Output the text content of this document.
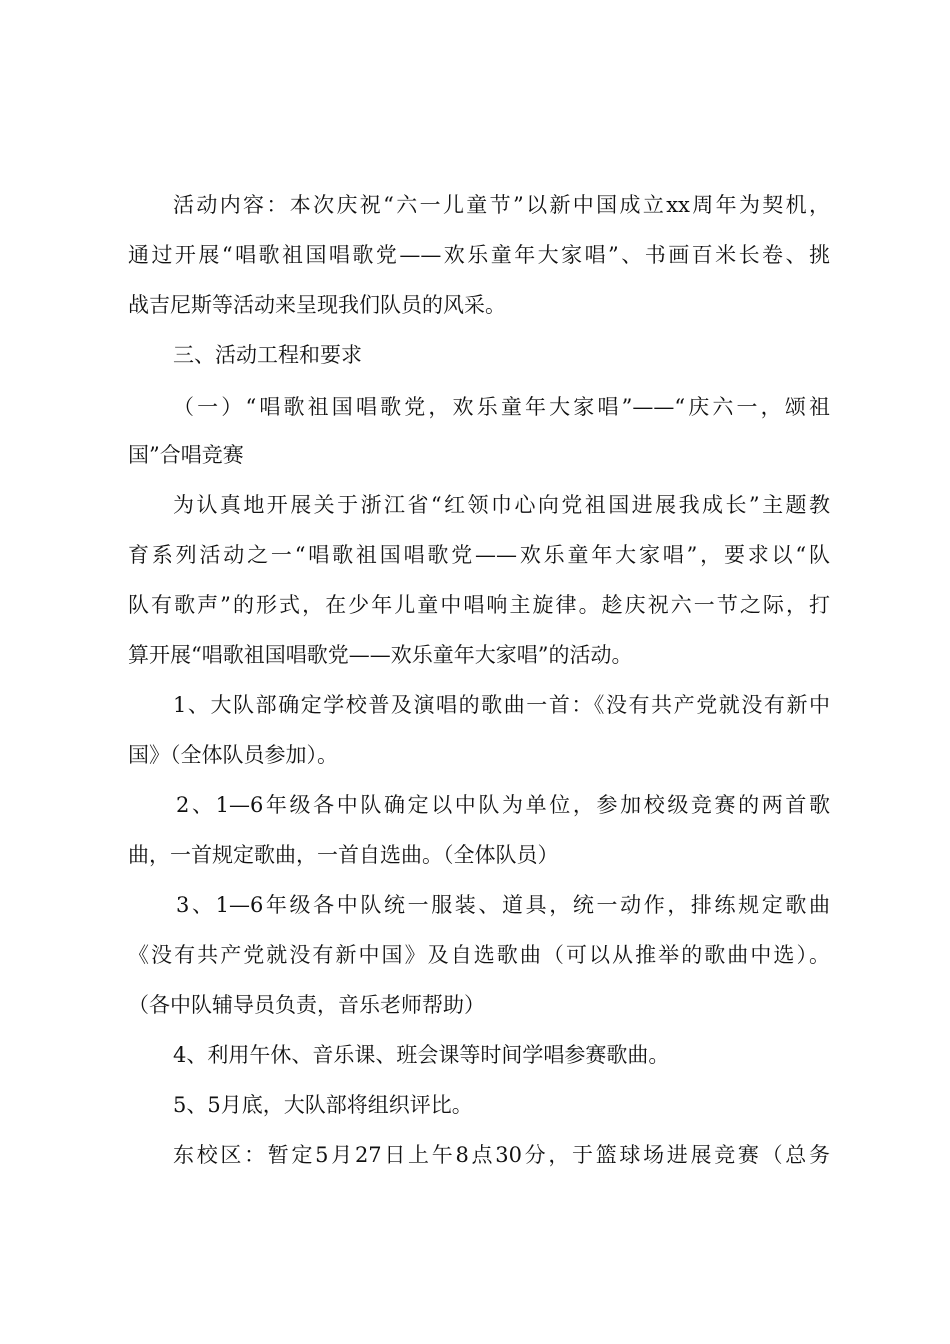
活动内容：本次庆祝“六一儿童节”以新中国成立xx周年为契机，
通过开展“唱歌祖国唱歌党——欢乐童年大家唱”、书画百米长卷、挑
战吉尼斯等活动来呈现我们队员的风采。
三、活动工程和要求
（一）“唱歌祖国唱歌党，欢乐童年大家唱”——“庆六一，颂祖
国”合唱竞赛
为认真地开展关于浙江省“红领巾心向党祖国进展我成长”主题教
育系列活动之一“唱歌祖国唱歌党——欢乐童年大家唱”，要求以“队
队有歌声”的形式，在少年儿童中唱响主旋律。趁庆祝六一节之际，打
算开展“唱歌祖国唱歌党——欢乐童年大家唱”的活动。
1、大队部确定学校普及演唱的歌曲一首：《没有共产党就没有新中
国》（全体队员参加）。
2、1—6年级各中队确定以中队为单位，参加校级竞赛的两首歌
曲，一首规定歌曲，一首自选曲。（全体队员）
3、1—6年级各中队统一服装、道具，统一动作，排练规定歌曲
《没有共产党就没有新中国》及自选歌曲（可以从推举的歌曲中选）。
（各中队辅导员负责，音乐老师帮助）
4、利用午休、音乐课、班会课等时间学唱参赛歌曲。
5、5月底，大队部将组织评比。
东校区：暂定5月27日上午8点30分，于篮球场进展竞赛（总务
